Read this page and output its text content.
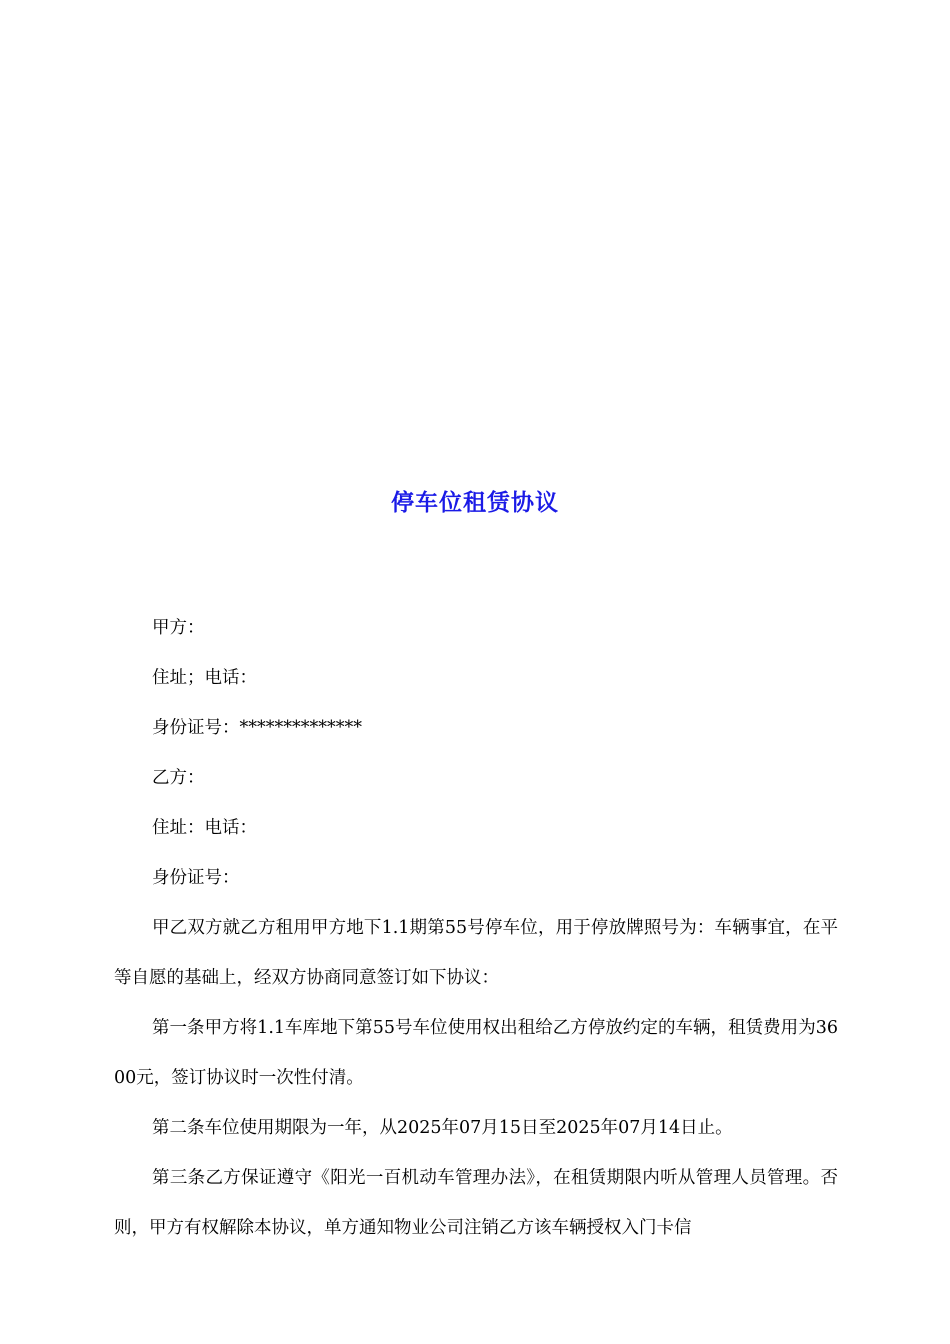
停车位租赁协议

甲方：

住址；电话：

身份证号：**************

乙方：

住址：电话：

身份证号：

甲乙双方就乙方租用甲方地下1.1期第55号停车位，用于停放牌照号为：车辆事宜，在平等自愿的基础上，经双方协商同意签订如下协议：

第一条甲方将1.1车库地下第55号车位使用权出租给乙方停放约定的车辆，租赁费用为3600元，签订协议时一次性付清。

第二条车位使用期限为一年，从2025年07月15日至2025年07月14日止。

第三条乙方保证遵守《阳光一百机动车管理办法》，在租赁期限内听从管理人员管理。否则，甲方有权解除本协议，单方通知物业公司注销乙方该车辆授权入门卡信
